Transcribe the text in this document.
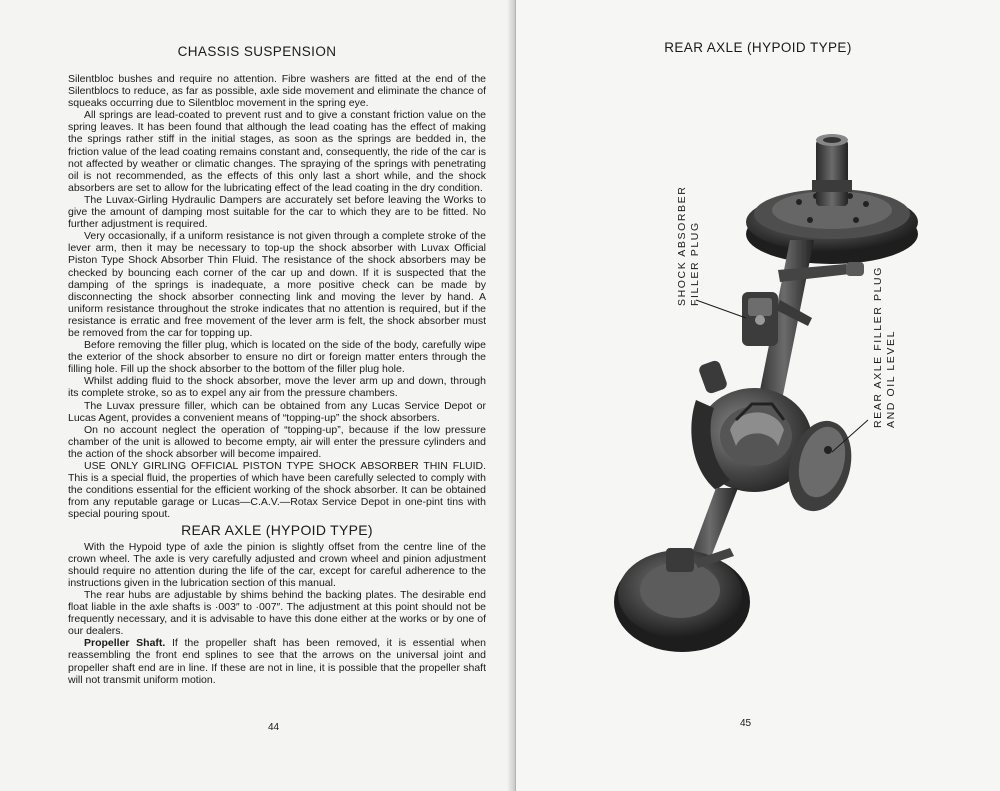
CHASSIS SUSPENSION

Silentbloc bushes and require no attention. Fibre washers are fitted at the end of the Silentblocs to reduce, as far as possible, axle side movement and eliminate the chance of squeaks occurring due to Silentbloc movement in the spring eye.

All springs are lead-coated to prevent rust and to give a constant friction value on the spring leaves. It has been found that although the lead coating has the effect of making the springs rather stiff in the initial stages, as soon as the springs are bedded in, the friction value of the lead coating remains constant and, consequently, the ride of the car is not affected by weather or climatic changes. The spraying of the springs with penetrating oil is not recommended, as the effects of this only last a short while, and the shock absorbers are set to allow for the lubricating effect of the lead coating in the dry condition.

The Luvax-Girling Hydraulic Dampers are accurately set before leaving the Works to give the amount of damping most suitable for the car to which they are to be fitted. No further adjustment is required.

Very occasionally, if a uniform resistance is not given through a complete stroke of the lever arm, then it may be necessary to top-up the shock absorber with Luvax Official Piston Type Shock Absorber Thin Fluid. The resistance of the shock absorbers may be checked by bouncing each corner of the car up and down. If it is suspected that the damping of the springs is inadequate, a more positive check can be made by disconnecting the shock absorber connecting link and moving the lever by hand. A uniform resistance throughout the stroke indicates that no attention is required, but if the resistance is erratic and free movement of the lever arm is felt, the shock absorber must be removed from the car for topping up.

Before removing the filler plug, which is located on the side of the body, carefully wipe the exterior of the shock absorber to ensure no dirt or foreign matter enters through the filling hole. Fill up the shock absorber to the bottom of the filler plug hole.

Whilst adding fluid to the shock absorber, move the lever arm up and down, through its complete stroke, so as to expel any air from the pressure chambers.

The Luvax pressure filler, which can be obtained from any Lucas Service Depot or Lucas Agent, provides a convenient means of “topping-up” the shock absorbers.

On no account neglect the operation of “topping-up”, because if the low pressure chamber of the unit is allowed to become empty, air will enter the pressure cylinders and the action of the shock absorber will become impaired.

USE ONLY GIRLING OFFICIAL PISTON TYPE SHOCK ABSORBER THIN FLUID. This is a special fluid, the properties of which have been carefully selected to comply with the conditions essential for the efficient working of the shock absorber. It can be obtained from any reputable garage or Lucas—C.A.V.—Rotax Service Depot in one-pint tins with special pouring spout.

REAR AXLE (HYPOID TYPE)

With the Hypoid type of axle the pinion is slightly offset from the centre line of the crown wheel. The axle is very carefully adjusted and crown wheel and pinion adjustment should require no attention during the life of the car, except for careful adherence to the instructions given in the lubrication section of this manual.

The rear hubs are adjustable by shims behind the backing plates. The desirable end float liable in the axle shafts is ·003″ to ·007″. The adjustment at this point should not be frequently necessary, and it is advisable to have this done either at the works or by one of our dealers.

Propeller Shaft. If the propeller shaft has been removed, it is essential when reassembling the front end splines to see that the arrows on the universal joint and propeller shaft end are in line. If these are not in line, it is possible that the propeller shaft will not transmit uniform motion.

44
REAR AXLE (HYPOID TYPE)
SHOCK ABSORBER FILLER PLUG
REAR AXLE FILLER PLUG AND OIL LEVEL
45
